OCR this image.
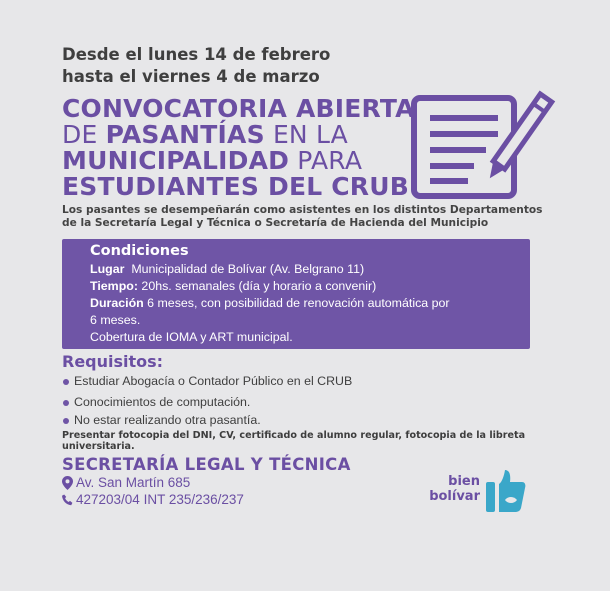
Desde el lunes 14 de febrero
hasta el viernes 4 de marzo
CONVOCATORIA ABIERTA
DE PASANTÍAS EN LA
MUNICIPALIDAD PARA
ESTUDIANTES DEL CRUB
Los pasantes se desempeñarán como asistentes en los distintos Departamentos
de la Secretaría Legal y Técnica o Secretaría de Hacienda del Municipio
Condiciones
Lugar Municipalidad de Bolívar (Av. Belgrano 11)
Tiempo: 20hs. semanales (día y horario a convenir)
Duración 6 meses, con posibilidad de renovación automática por
6 meses.
Cobertura de IOMA y ART municipal.
Requisitos:
Estudiar Abogacía o Contador Público en el CRUB
Conocimientos de computación.
No estar realizando otra pasantía.
Presentar fotocopia del DNI, CV, certificado de alumno regular, fotocopia de la libreta
universitaria.
SECRETARÍA LEGAL Y TÉCNICA
Av. San Martín 685
427203/04 INT 235/236/237
bien
bolívar
